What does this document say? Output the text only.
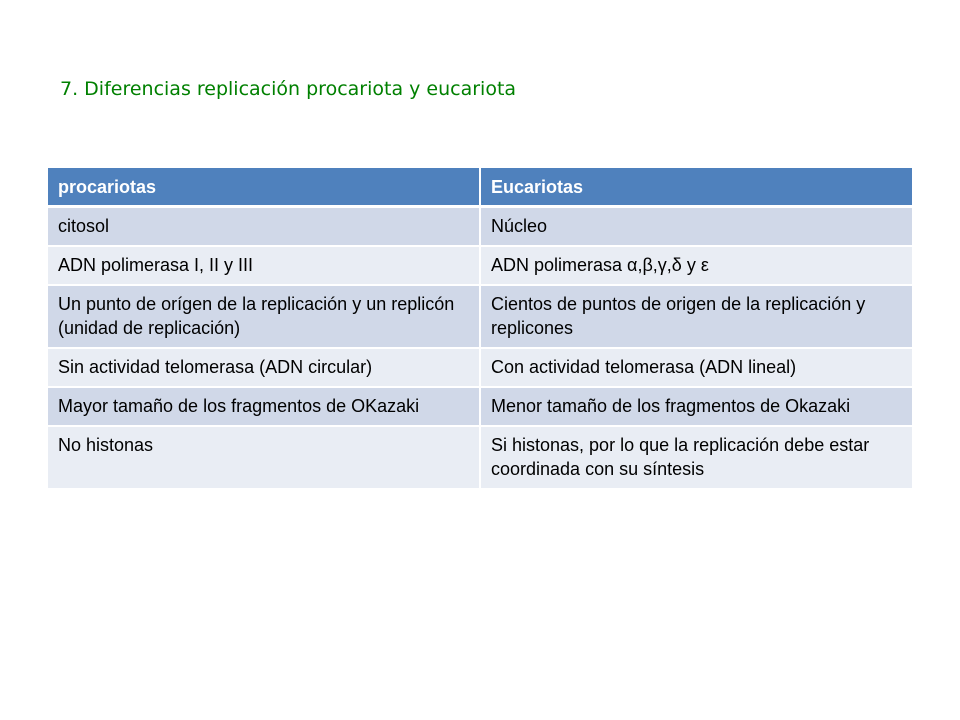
7. Diferencias replicación procariota y eucariota
procariotas	Eucariotas
citosol	Núcleo
ADN polimerasa I, II y III	ADN polimerasa α,β,γ,δ y ε
Un punto de orígen de la replicación y un replicón (unidad de replicación)	Cientos de puntos de origen de la replicación y replicones
Sin actividad telomerasa (ADN circular)	Con actividad telomerasa (ADN lineal)
Mayor tamaño de los fragmentos de OKazaki	Menor tamaño de los fragmentos de Okazaki
No histonas	Si histonas, por lo que la replicación debe estar coordinada con su síntesis
